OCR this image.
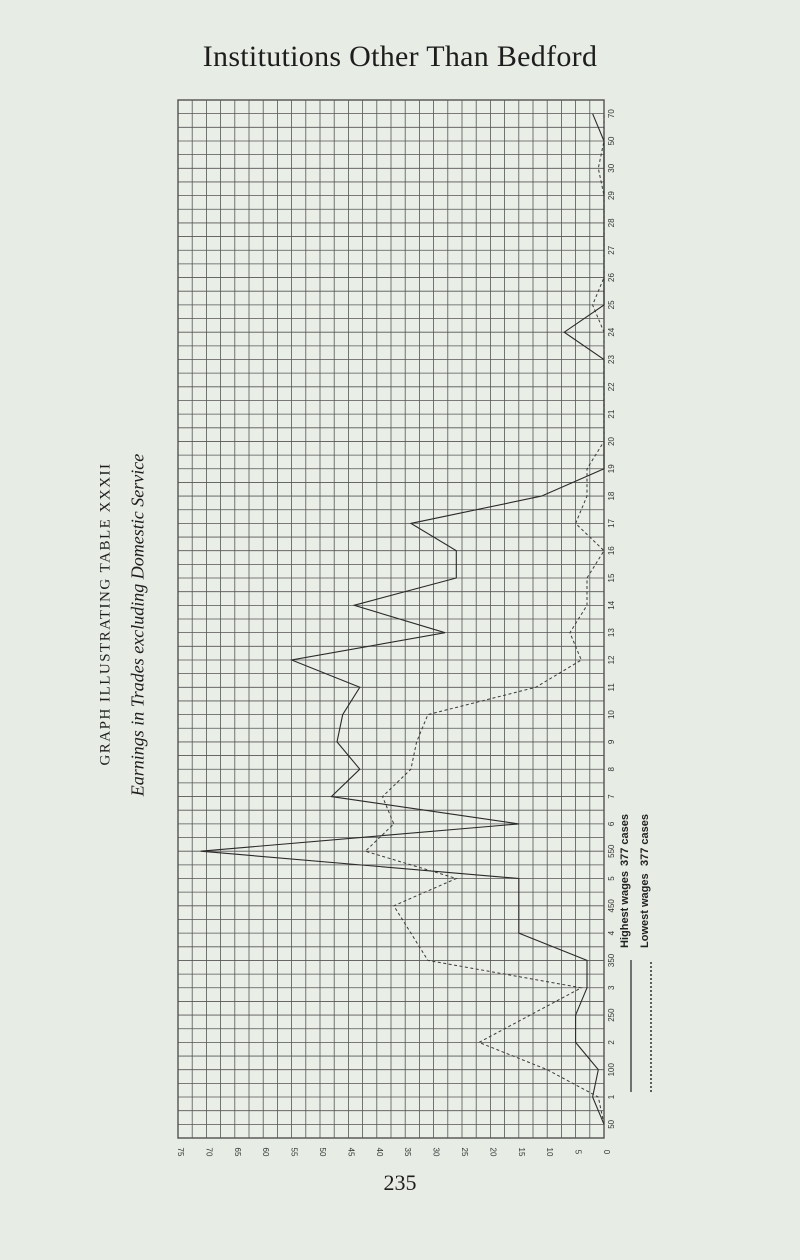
Institutions Other Than Bedford
GRAPH ILLUSTRATING TABLE XXXII Earnings in Trades excluding Domestic Service
0
5
10
15
20
25
30
35
40
45
50
55
60
65
70
75
50
1
100
2
250
3
350
4
450
5
550
6
7
8
9
10
11
12
13
14
15
16
17
18
19
20
21
22
23
24
25
26
27
28
29
30
50
70
Highest wages
377 cases
Lowest wages
377 cases
235
